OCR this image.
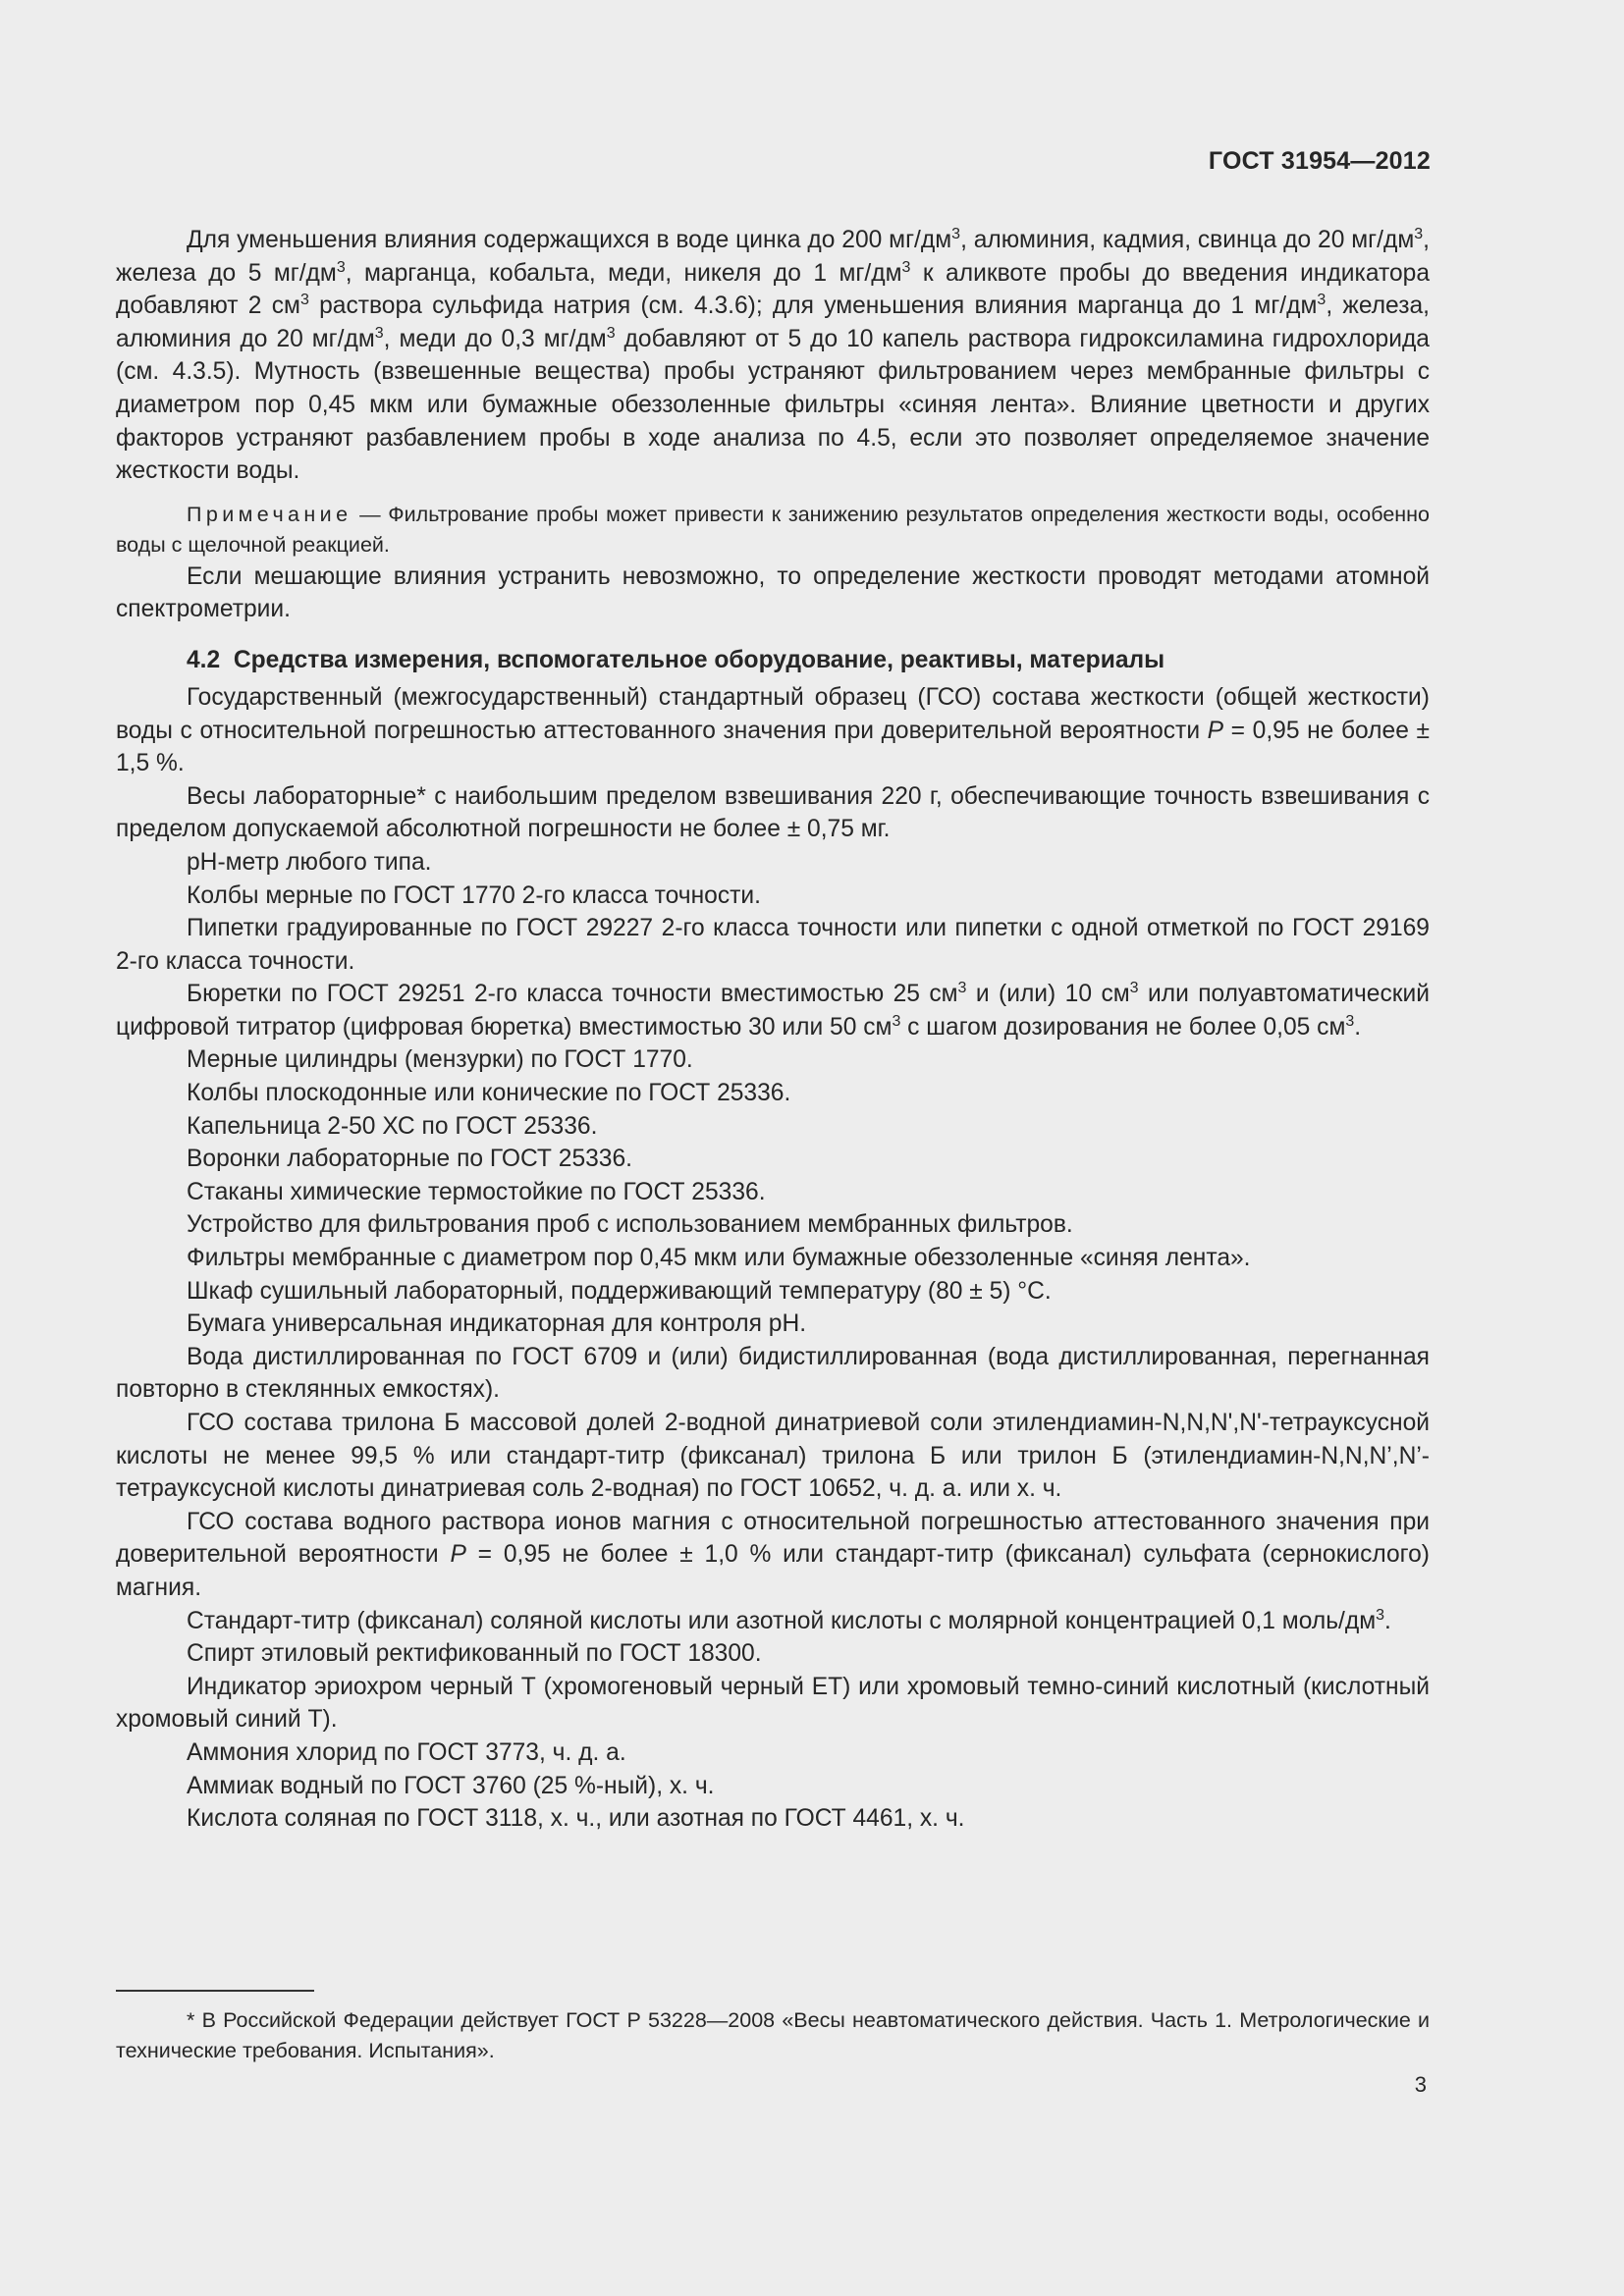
ГОСТ 31954—2012

Для уменьшения влияния содержащихся в воде цинка до 200 $мг/дм^3$, алюминия, кадмия, свинца до 20 $мг/дм^3$, железа до 5 $мг/дм^3$, марганца, кобальта, меди, никеля до 1 $мг/дм^3$ к аликвоте пробы до введения индикатора добавляют 2 $см^3$ раствора сульфида натрия (см. 4.3.6); для уменьшения влияния марганца до 1 $мг/дм^3$, железа, алюминия до 20 $мг/дм^3$, меди до 0,3 $мг/дм^3$ добавляют от 5 до 10 капель раствора гидроксиламина гидрохлорида (см. 4.3.5). Мутность (взвешенные вещества) пробы устраняют фильтрованием через мембранные фильтры с диаметром пор 0,45 мкм или бумажные обеззоленные фильтры «синяя лента». Влияние цветности и других факторов устраняют разбавлением пробы в ходе анализа по 4.5, если это позволяет определяемое значение жесткости воды.

Примечание — Фильтрование пробы может привести к занижению результатов определения жесткости воды, особенно воды с щелочной реакцией.

Если мешающие влияния устранить невозможно, то определение жесткости проводят методами атомной спектрометрии.

4.2 Средства измерения, вспомогательное оборудование, реактивы, материалы

Государственный (межгосударственный) стандартный образец (ГСО) состава жесткости (общей жесткости) воды с относительной погрешностью аттестованного значения при доверительной вероятности P = 0,95 не более ± 1,5 %.

Весы лабораторные* с наибольшим пределом взвешивания 220 г, обеспечивающие точность взвешивания с пределом допускаемой абсолютной погрешности не более ± 0,75 мг.

pH-метр любого типа.

Колбы мерные по ГОСТ 1770 2-го класса точности.

Пипетки градуированные по ГОСТ 29227 2-го класса точности или пипетки с одной отметкой по ГОСТ 29169 2-го класса точности.

Бюретки по ГОСТ 29251 2-го класса точности вместимостью 25 $см^3$ и (или) 10 $см^3$ или полуавтоматический цифровой титратор (цифровая бюретка) вместимостью 30 или 50 $см^3$ с шагом дозирования не более 0,05 $см^3$.

Мерные цилиндры (мензурки) по ГОСТ 1770.

Колбы плоскодонные или конические по ГОСТ 25336.

Капельница 2-50 ХС по ГОСТ 25336.

Воронки лабораторные по ГОСТ 25336.

Стаканы химические термостойкие по ГОСТ 25336.

Устройство для фильтрования проб с использованием мембранных фильтров.

Фильтры мембранные с диаметром пор 0,45 мкм или бумажные обеззоленные «синяя лента».

Шкаф сушильный лабораторный, поддерживающий температуру (80 ± 5) °C.

Бумага универсальная индикаторная для контроля pH.

Вода дистиллированная по ГОСТ 6709 и (или) бидистиллированная (вода дистиллированная, перегнанная повторно в стеклянных емкостях).

ГСО состава трилона Б массовой долей 2-водной динатриевой соли этилендиамин-N,N,N',N'-тетрауксусной кислоты не менее 99,5 % или стандарт-титр (фиксанал) трилона Б или трилон Б (этилендиамин-N,N,N’,N’-тетрауксусной кислоты динатриевая соль 2-водная) по ГОСТ 10652, ч. д. а. или х. ч.

ГСО состава водного раствора ионов магния с относительной погрешностью аттестованного значения при доверительной вероятности P = 0,95 не более ± 1,0 % или стандарт-титр (фиксанал) сульфата (сернокислого) магния.

Стандарт-титр (фиксанал) соляной кислоты или азотной кислоты с молярной концентрацией 0,1 моль/$дм^3$.

Спирт этиловый ректификованный по ГОСТ 18300.

Индикатор эриохром черный Т (хромогеновый черный ЕТ) или хромовый темно-синий кислотный (кислотный хромовый синий Т).

Аммония хлорид по ГОСТ 3773, ч. д. а.

Аммиак водный по ГОСТ 3760 (25 %-ный), х. ч.

Кислота соляная по ГОСТ 3118, х. ч., или азотная по ГОСТ 4461, х. ч.

* В Российской Федерации действует ГОСТ Р 53228—2008 «Весы неавтоматического действия. Часть 1. Метрологические и технические требования. Испытания».

3
